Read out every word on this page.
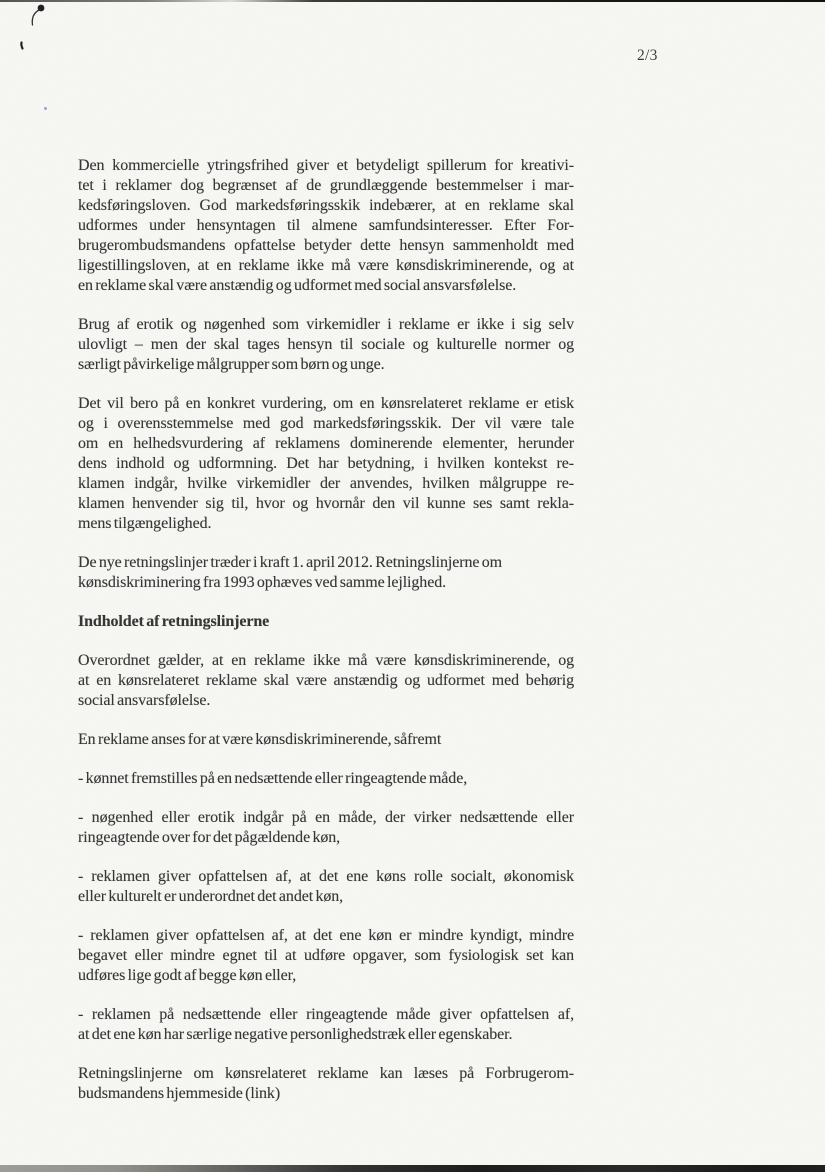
2/3
Den kommercielle ytringsfrihed giver et betydeligt spillerum for kreativi-
tet i reklamer dog begrænset af de grundlæggende bestemmelser i mar-
kedsføringsloven. God markedsføringsskik indebærer, at en reklame skal
udformes under hensyntagen til almene samfundsinteresser. Efter For-
brugerombudsmandens opfattelse betyder dette hensyn sammenholdt med
ligestillingsloven, at en reklame ikke må være kønsdiskriminerende, og at
en reklame skal være anstændig og udformet med social ansvarsfølelse.
Brug af erotik og nøgenhed som virkemidler i reklame er ikke i sig selv
ulovligt – men der skal tages hensyn til sociale og kulturelle normer og
særligt påvirkelige målgrupper som børn og unge.
Det vil bero på en konkret vurdering, om en kønsrelateret reklame er etisk
og i overensstemmelse med god markedsføringsskik. Der vil være tale
om en helhedsvurdering af reklamens dominerende elementer, herunder
dens indhold og udformning. Det har betydning, i hvilken kontekst re-
klamen indgår, hvilke virkemidler der anvendes, hvilken målgruppe re-
klamen henvender sig til, hvor og hvornår den vil kunne ses samt rekla-
mens tilgængelighed.
De nye retningslinjer træder i kraft 1. april 2012. Retningslinjerne om
kønsdiskriminering fra 1993 ophæves ved samme lejlighed.
Indholdet af retningslinjerne
Overordnet gælder, at en reklame ikke må være kønsdiskriminerende, og
at en kønsrelateret reklame skal være anstændig og udformet med behørig
social ansvarsfølelse.
En reklame anses for at være kønsdiskriminerende, såfremt
- kønnet fremstilles på en nedsættende eller ringeagtende måde,
- nøgenhed eller erotik indgår på en måde, der virker nedsættende eller
ringeagtende over for det pågældende køn,
- reklamen giver opfattelsen af, at det ene køns rolle socialt, økonomisk
eller kulturelt er underordnet det andet køn,
- reklamen giver opfattelsen af, at det ene køn er mindre kyndigt, mindre
begavet eller mindre egnet til at udføre opgaver, som fysiologisk set kan
udføres lige godt af begge køn eller,
- reklamen på nedsættende eller ringeagtende måde giver opfattelsen af,
at det ene køn har særlige negative personlighedstræk eller egenskaber.
Retningslinjerne om kønsrelateret reklame kan læses på Forbrugerom-
budsmandens hjemmeside (link)
